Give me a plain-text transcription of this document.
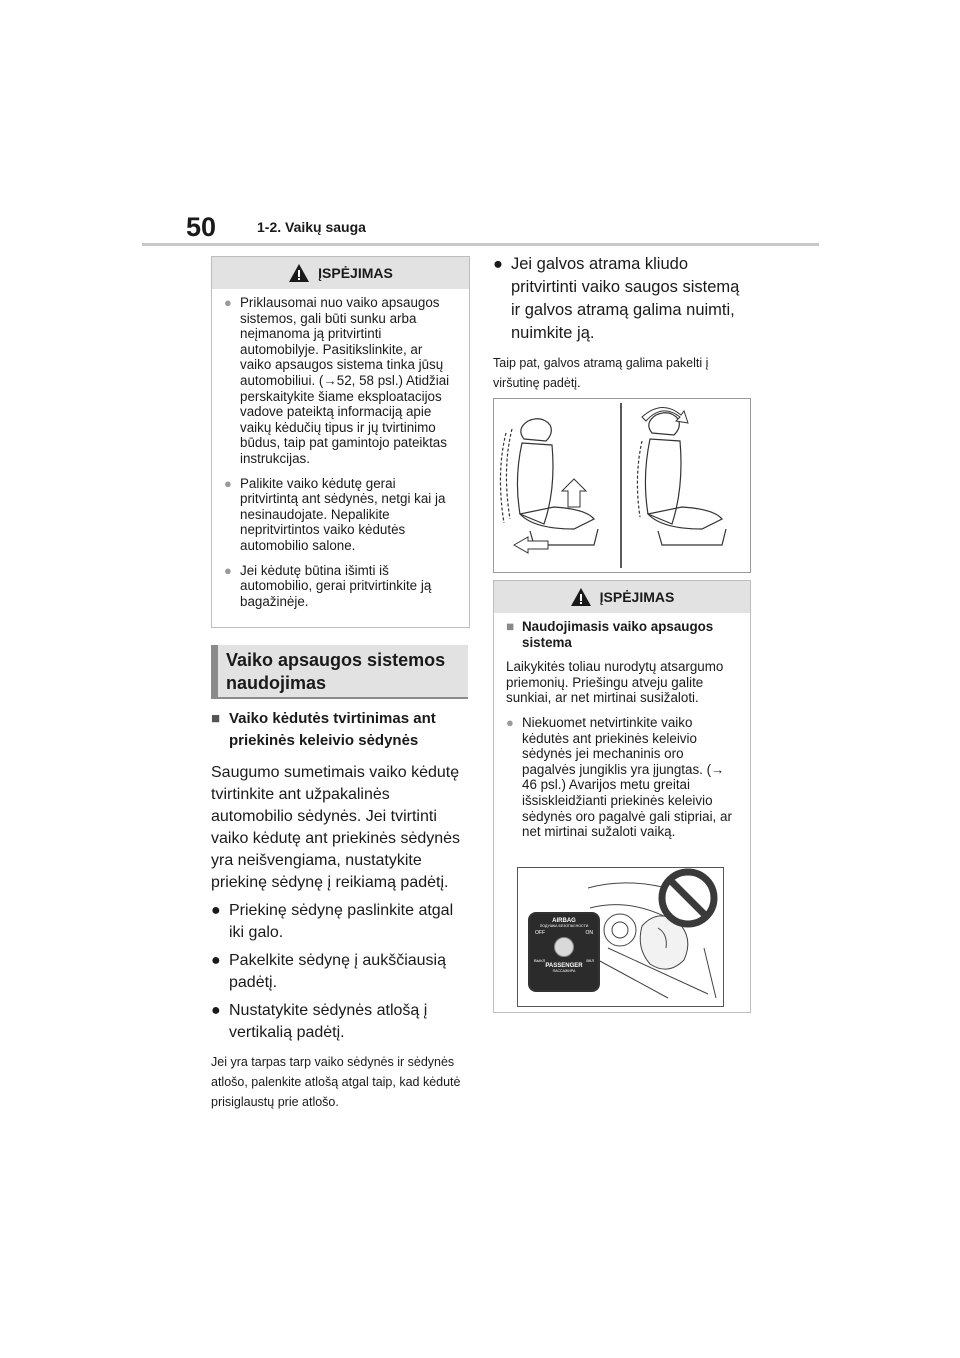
50	1-2. Vaikų sauga
ĮSPĖJIMAS
● Priklausomai nuo vaiko apsaugos sistemos, gali būti sunku arba neįmanoma ją pritvirtinti automobilyje. Pasitikslinkite, ar vaiko apsaugos sistema tinka jūsų automobiliui. (→52, 58 psl.) Atidžiai perskaitykite šiame eksploatacijos vadove pateiktą informaciją apie vaikų kėdučių tipus ir jų tvirtinimo būdus, taip pat gamintojo pateiktas instrukcijas.
● Palikite vaiko kėdutę gerai pritvirtintą ant sėdynės, netgi kai ja nesinaudojate. Nepalikite nepritvirtintos vaiko kėdutės automobilio salone.
● Jei kėdutę būtina išimti iš automobilio, gerai pritvirtinkite ją bagažinėje.
Vaiko apsaugos sistemos naudojimas
■ Vaiko kėdutės tvirtinimas ant priekinės keleivio sėdynės
Saugumo sumetimais vaiko kėdutę tvirtinkite ant užpakalinės automobilio sėdynės. Jei tvirtinti vaiko kėdutę ant priekinės sėdynės yra neišvengiama, nustatykite priekinę sėdynę į reikiamą padėtį.
● Priekinę sėdynę paslinkite atgal iki galo.
● Pakelkite sėdynę į aukščiausią padėtį.
● Nustatykite sėdynės atlošą į vertikalią padėtį.
Jei yra tarpas tarp vaiko sėdynės ir sėdynės atlošo, palenkite atlošą atgal taip, kad kėdutė prisiglaustų prie atlošo.
● Jei galvos atrama kliudo pritvirtinti vaiko saugos sistemą ir galvos atramą galima nuimti, nuimkite ją.
Taip pat, galvos atramą galima pakelti į viršutinę padėtį.
ĮSPĖJIMAS
■ Naudojimasis vaiko apsaugos sistema
Laikykitės toliau nurodytų atsargumo priemonių. Priešingu atveju galite sunkiai, ar net mirtinai susižaloti.
● Niekuomet netvirtinkite vaiko kėdutės ant priekinės keleivio sėdynės jei mechaninis oro pagalvės jungiklis yra įjungtas. (→ 46 psl.) Avarijos metu greitai išsiskleidžianti priekinės keleivio sėdynės oro pagalvė gali stipriai, ar net mirtinai sužaloti vaiką.
AIRBAG
ПОДУШКА БЕЗОПАСНОСТИ
OFF	ON
ВЫКЛ	ВКЛ
PASSENGER
ПАССАЖИРА
